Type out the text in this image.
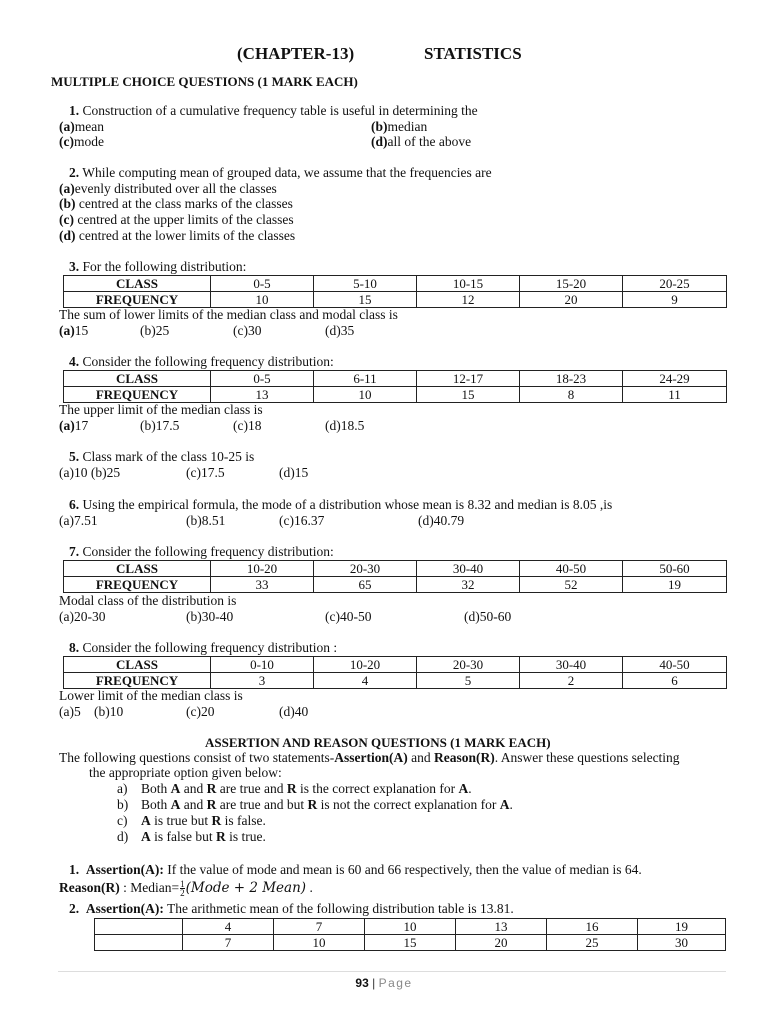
(CHAPTER-13)	STATISTICS
MULTIPLE CHOICE QUESTIONS (1 MARK EACH)
1. Construction of a cumulative frequency table is useful in determining the
(a)mean	(b)median
(c)mode	(d)all of the above
2. While computing mean of grouped data, we assume that the frequencies are
(a)evenly distributed over all the classes
(b) centred at the class marks of the classes
(c) centred at the upper limits of the classes
(d) centred at the lower limits of the classes
3. For the following distribution:
CLASS	0-5	5-10	10-15	15-20	20-25
FREQUENCY	10	15	12	20	9
The sum of lower limits of the median class and modal class is
(a)15	(b)25	(c)30	(d)35
4. Consider the following frequency distribution:
CLASS	0-5	6-11	12-17	18-23	24-29
FREQUENCY	13	10	15	8	11
The upper limit of the median class is
(a)17	(b)17.5	(c)18	(d)18.5
5. Class mark of the class 10-25 is
(a)10 (b)25	(c)17.5	(d)15
6. Using the empirical formula, the mode of a distribution whose mean is 8.32 and median is 8.05 ,is
(a)7.51	(b)8.51	(c)16.37	(d)40.79
7. Consider the following frequency distribution:
CLASS	10-20	20-30	30-40	40-50	50-60
FREQUENCY	33	65	32	52	19
Modal class of the distribution is
(a)20-30	(b)30-40	(c)40-50	(d)50-60
8. Consider the following frequency distribution :
CLASS	0-10	10-20	20-30	30-40	40-50
FREQUENCY	3	4	5	2	6
Lower limit of the median class is
(a)5 (b)10	(c)20	(d)40
ASSERTION AND REASON QUESTIONS (1 MARK EACH)
The following questions consist of two statements-Assertion(A) and Reason(R). Answer these questions selecting
the appropriate option given below:
a) Both A and R are true and R is the correct explanation for A.
b) Both A and R are true and but R is not the correct explanation for A.
c) A is true but R is false.
d) A is false but R is true.
1. Assertion(A): If the value of mode and mean is 60 and 66 respectively, then the value of median is 64.
Reason(R) : Median= $\frac{1}{2}$ (Mode + 2 Mean) .
2. Assertion(A): The arithmetic mean of the following distribution table is 13.81.
	4	7	10	13	16	19
	7	10	15	20	25	30
93 | Page
